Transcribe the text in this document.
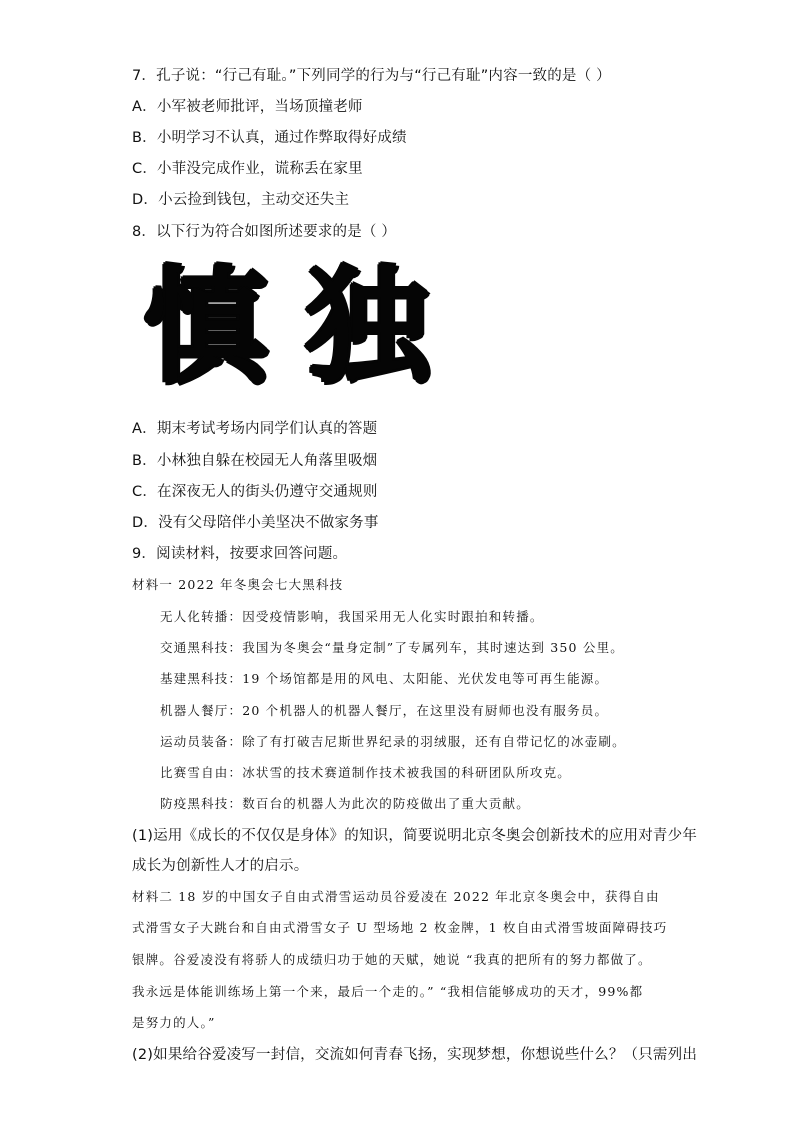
7．孔子说：“行己有耻。”下列同学的行为与“行己有耻”内容一致的是（ ）
A．小军被老师批评，当场顶撞老师
B．小明学习不认真，通过作弊取得好成绩
C．小菲没完成作业，谎称丢在家里
D．小云捡到钱包，主动交还失主
8．以下行为符合如图所述要求的是（ ）
慎 独
A．期末考试考场内同学们认真的答题
B．小林独自躲在校园无人角落里吸烟
C．在深夜无人的街头仍遵守交通规则
D．没有父母陪伴小美坚决不做家务事
9．阅读材料，按要求回答问题。
材料一 2022 年冬奥会七大黑科技
无人化转播：因受疫情影响，我国采用无人化实时跟拍和转播。
交通黑科技：我国为冬奥会“量身定制”了专属列车，其时速达到 350 公里。
基建黑科技：19 个场馆都是用的风电、太阳能、光伏发电等可再生能源。
机器人餐厅：20 个机器人的机器人餐厅，在这里没有厨师也没有服务员。
运动员装备：除了有打破吉尼斯世界纪录的羽绒服，还有自带记忆的冰壶刷。
比赛雪自由：冰状雪的技术赛道制作技术被我国的科研团队所攻克。
防疫黑科技：数百台的机器人为此次的防疫做出了重大贡献。
(1)运用《成长的不仅仅是身体》的知识，简要说明北京冬奥会创新技术的应用对青少年
成长为创新性人才的启示。
材料二 18 岁的中国女子自由式滑雪运动员谷爱凌在 2022 年北京冬奥会中，获得自由
式滑雪女子大跳台和自由式滑雪女子 U 型场地 2 枚金牌，1 枚自由式滑雪坡面障碍技巧
银牌。谷爱凌没有将骄人的成绩归功于她的天赋，她说 “我真的把所有的努力都做了。
我永远是体能训练场上第一个来，最后一个走的。” “我相信能够成功的天才，99%都
是努力的人。”
(2)如果给谷爱凌写一封信，交流如何青春飞扬，实现梦想，你想说些什么？（只需列出
